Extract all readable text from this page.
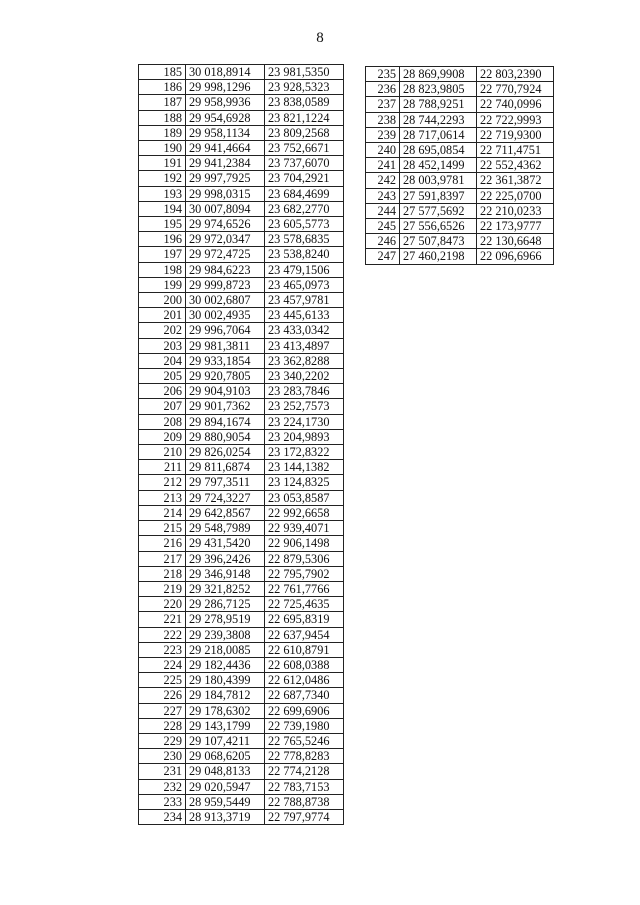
8
185	30 018,8914	23 981,5350
186	29 998,1296	23 928,5323
187	29 958,9936	23 838,0589
188	29 954,6928	23 821,1224
189	29 958,1134	23 809,2568
190	29 941,4664	23 752,6671
191	29 941,2384	23 737,6070
192	29 997,7925	23 704,2921
193	29 998,0315	23 684,4699
194	30 007,8094	23 682,2770
195	29 974,6526	23 605,5773
196	29 972,0347	23 578,6835
197	29 972,4725	23 538,8240
198	29 984,6223	23 479,1506
199	29 999,8723	23 465,0973
200	30 002,6807	23 457,9781
201	30 002,4935	23 445,6133
202	29 996,7064	23 433,0342
203	29 981,3811	23 413,4897
204	29 933,1854	23 362,8288
205	29 920,7805	23 340,2202
206	29 904,9103	23 283,7846
207	29 901,7362	23 252,7573
208	29 894,1674	23 224,1730
209	29 880,9054	23 204,9893
210	29 826,0254	23 172,8322
211	29 811,6874	23 144,1382
212	29 797,3511	23 124,8325
213	29 724,3227	23 053,8587
214	29 642,8567	22 992,6658
215	29 548,7989	22 939,4071
216	29 431,5420	22 906,1498
217	29 396,2426	22 879,5306
218	29 346,9148	22 795,7902
219	29 321,8252	22 761,7766
220	29 286,7125	22 725,4635
221	29 278,9519	22 695,8319
222	29 239,3808	22 637,9454
223	29 218,0085	22 610,8791
224	29 182,4436	22 608,0388
225	29 180,4399	22 612,0486
226	29 184,7812	22 687,7340
227	29 178,6302	22 699,6906
228	29 143,1799	22 739,1980
229	29 107,4211	22 765,5246
230	29 068,6205	22 778,8283
231	29 048,8133	22 774,2128
232	29 020,5947	22 783,7153
233	28 959,5449	22 788,8738
234	28 913,3719	22 797,9774
235	28 869,9908	22 803,2390
236	28 823,9805	22 770,7924
237	28 788,9251	22 740,0996
238	28 744,2293	22 722,9993
239	28 717,0614	22 719,9300
240	28 695,0854	22 711,4751
241	28 452,1499	22 552,4362
242	28 003,9781	22 361,3872
243	27 591,8397	22 225,0700
244	27 577,5692	22 210,0233
245	27 556,6526	22 173,9777
246	27 507,8473	22 130,6648
247	27 460,2198	22 096,6966
